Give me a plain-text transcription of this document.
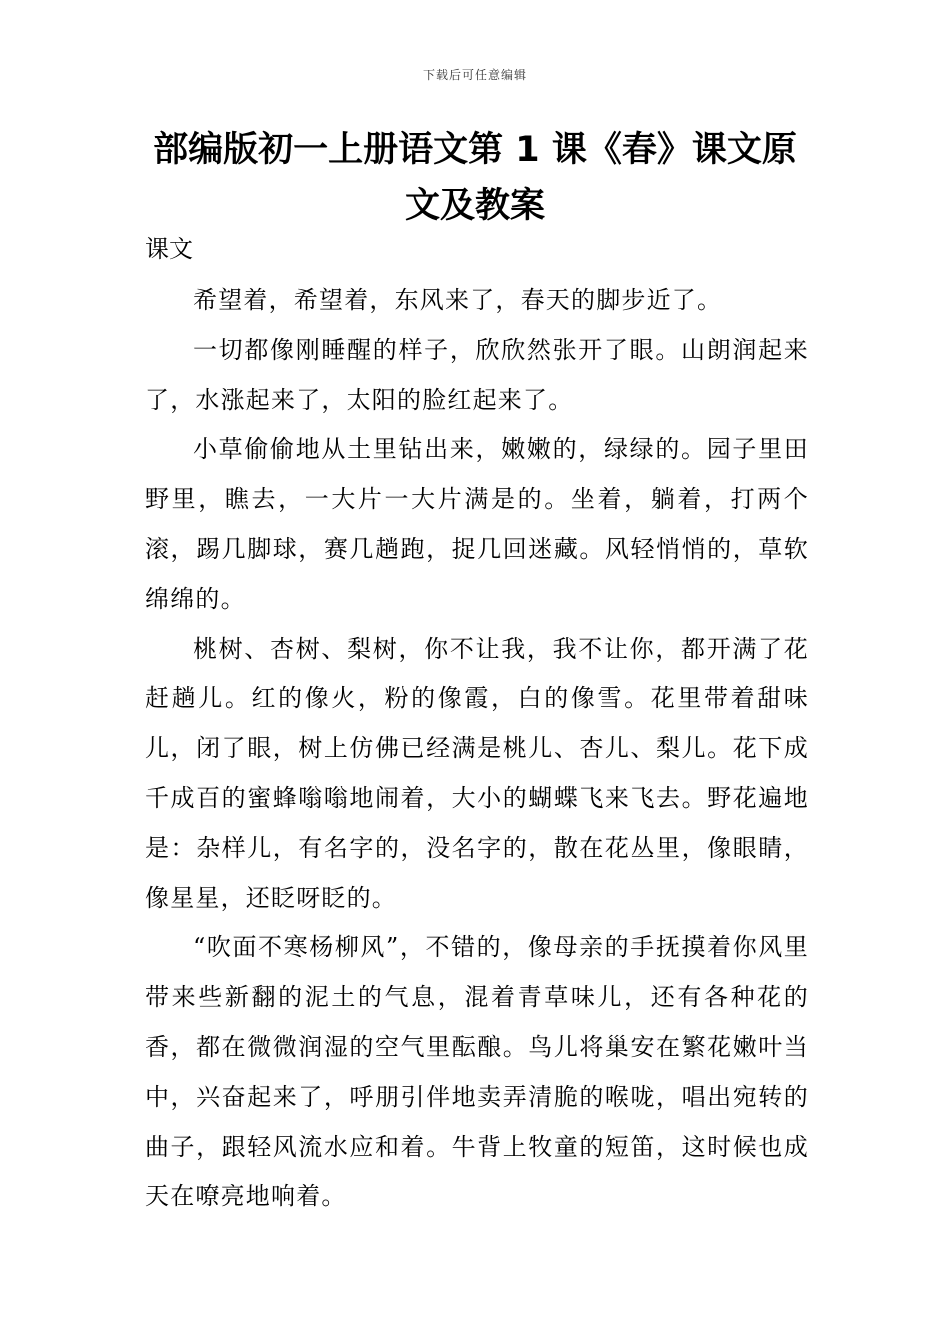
下载后可任意编辑
部编版初一上册语文第 1 课《春》课文原文及教案
课文

希望着，希望着，东风来了，春天的脚步近了。

一切都像刚睡醒的样子，欣欣然张开了眼。山朗润起来了，水涨起来了，太阳的脸红起来了。

小草偷偷地从土里钻出来，嫩嫩的，绿绿的。园子里田野里，瞧去，一大片一大片满是的。坐着，躺着，打两个滚，踢几脚球，赛几趟跑，捉几回迷藏。风轻悄悄的，草软绵绵的。

桃树、杏树、梨树，你不让我，我不让你，都开满了花赶趟儿。红的像火，粉的像霞，白的像雪。花里带着甜味儿，闭了眼，树上仿佛已经满是桃儿、杏儿、梨儿。花下成千成百的蜜蜂嗡嗡地闹着，大小的蝴蝶飞来飞去。野花遍地是：杂样儿，有名字的，没名字的，散在花丛里，像眼睛，像星星，还眨呀眨的。

“吹面不寒杨柳风”，不错的，像母亲的手抚摸着你风里带来些新翻的泥土的气息，混着青草味儿，还有各种花的香，都在微微润湿的空气里酝酿。鸟儿将巢安在繁花嫩叶当中，兴奋起来了，呼朋引伴地卖弄清脆的喉咙，唱出宛转的曲子，跟轻风流水应和着。牛背上牧童的短笛，这时候也成天在嘹亮地响着。
